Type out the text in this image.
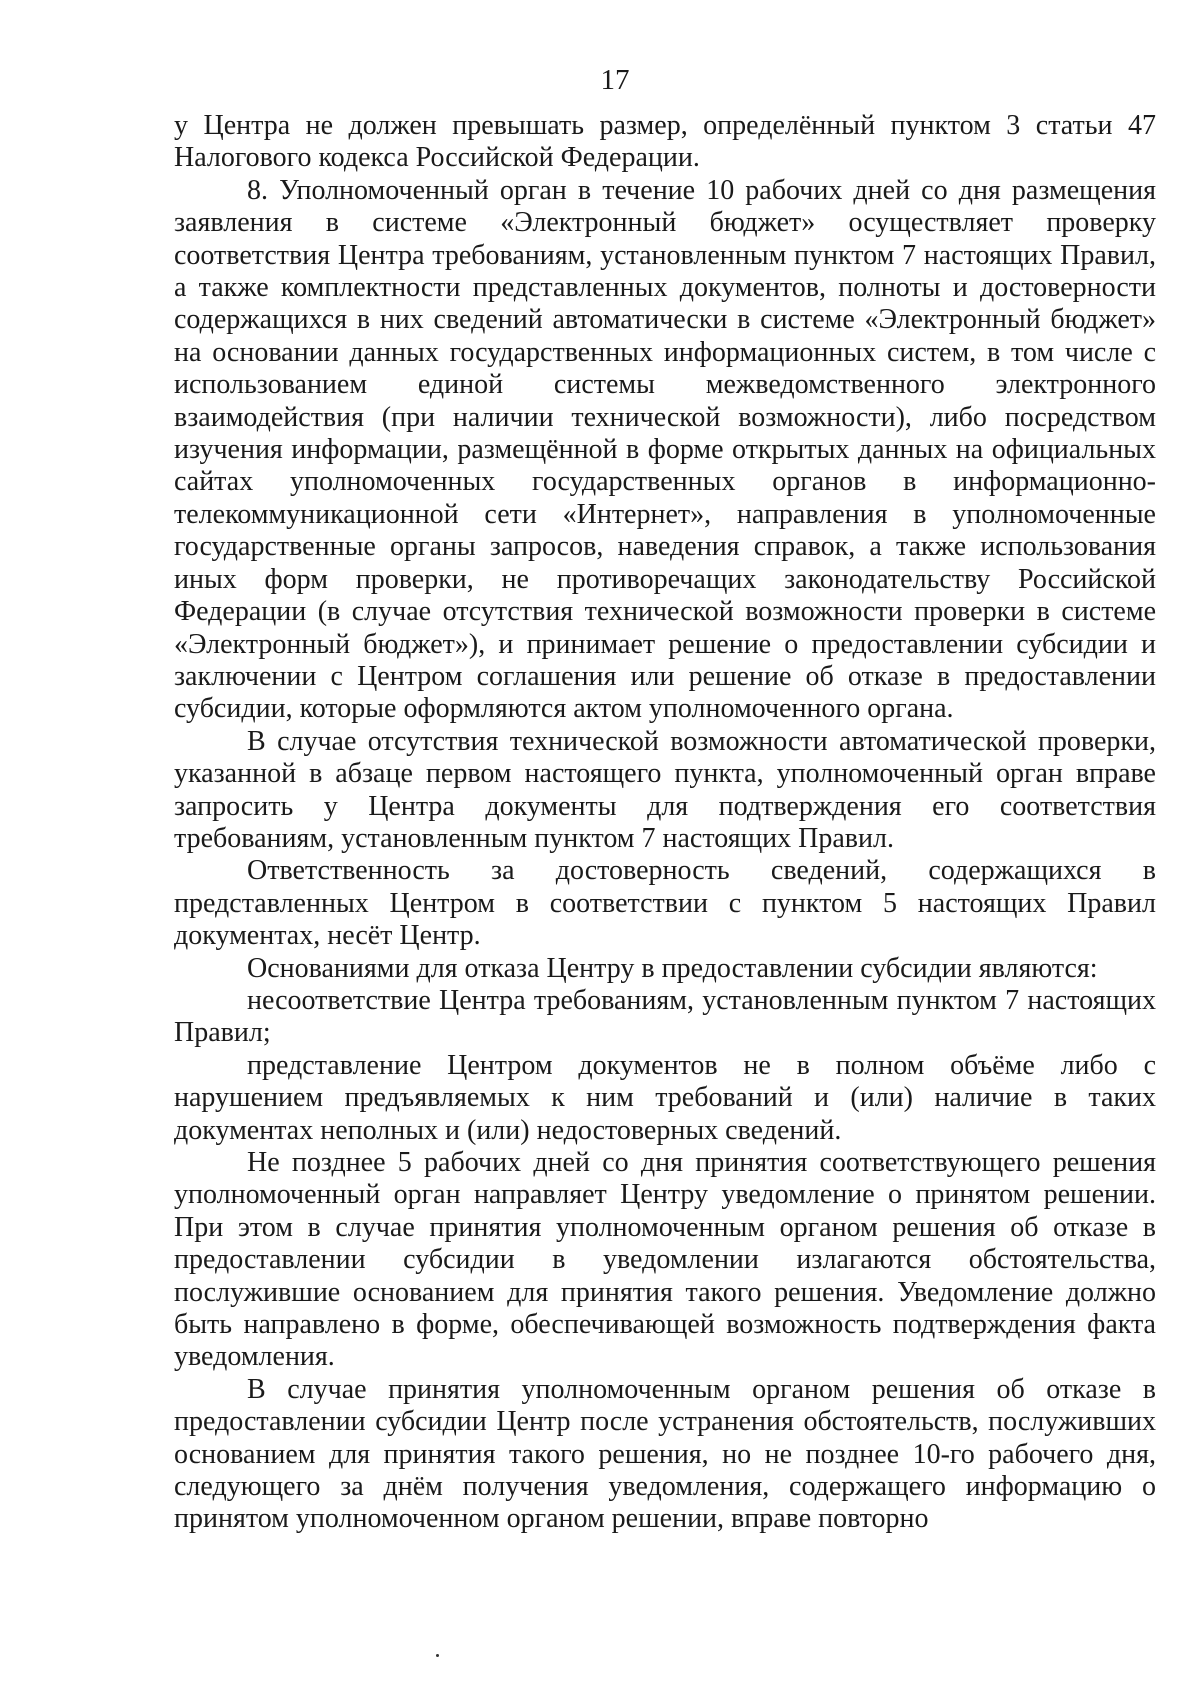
17

у Центра не должен превышать размер, определённый пунктом 3 статьи 47 Налогового кодекса Российской Федерации.

8. Уполномоченный орган в течение 10 рабочих дней со дня размещения заявления в системе «Электронный бюджет» осуществляет проверку соответствия Центра требованиям, установленным пунктом 7 настоящих Правил, а также комплектности представленных документов, полноты и достоверности содержащихся в них сведений автоматически в системе «Электронный бюджет» на основании данных государственных информационных систем, в том числе с использованием единой системы межведомственного электронного взаимодействия (при наличии технической возможности), либо посредством изучения информации, размещённой в форме открытых данных на официальных сайтах уполномоченных государственных органов в информационно-телекоммуникационной сети «Интернет», направления в уполномоченные государственные органы запросов, наведения справок, а также использования иных форм проверки, не противоречащих законодательству Российской Федерации (в случае отсутствия технической возможности проверки в системе «Электронный бюджет»), и принимает решение о предоставлении субсидии и заключении с Центром соглашения или решение об отказе в предоставлении субсидии, которые оформляются актом уполномоченного органа.

В случае отсутствия технической возможности автоматической проверки, указанной в абзаце первом настоящего пункта, уполномоченный орган вправе запросить у Центра документы для подтверждения его соответствия требованиям, установленным пунктом 7 настоящих Правил.

Ответственность за достоверность сведений, содержащихся в представленных Центром в соответствии с пунктом 5 настоящих Правил документах, несёт Центр.

Основаниями для отказа Центру в предоставлении субсидии являются:

несоответствие Центра требованиям, установленным пунктом 7 настоящих Правил;

представление Центром документов не в полном объёме либо с нарушением предъявляемых к ним требований и (или) наличие в таких документах неполных и (или) недостоверных сведений.

Не позднее 5 рабочих дней со дня принятия соответствующего решения уполномоченный орган направляет Центру уведомление о принятом решении. При этом в случае принятия уполномоченным органом решения об отказе в предоставлении субсидии в уведомлении излагаются обстоятельства, послужившие основанием для принятия такого решения. Уведомление должно быть направлено в форме, обеспечивающей возможность подтверждения факта уведомления.

В случае принятия уполномоченным органом решения об отказе в предоставлении субсидии Центр после устранения обстоятельств, послуживших основанием для принятия такого решения, но не позднее 10-го рабочего дня, следующего за днём получения уведомления, содержащего информацию о принятом уполномоченном органом решении, вправе повторно
